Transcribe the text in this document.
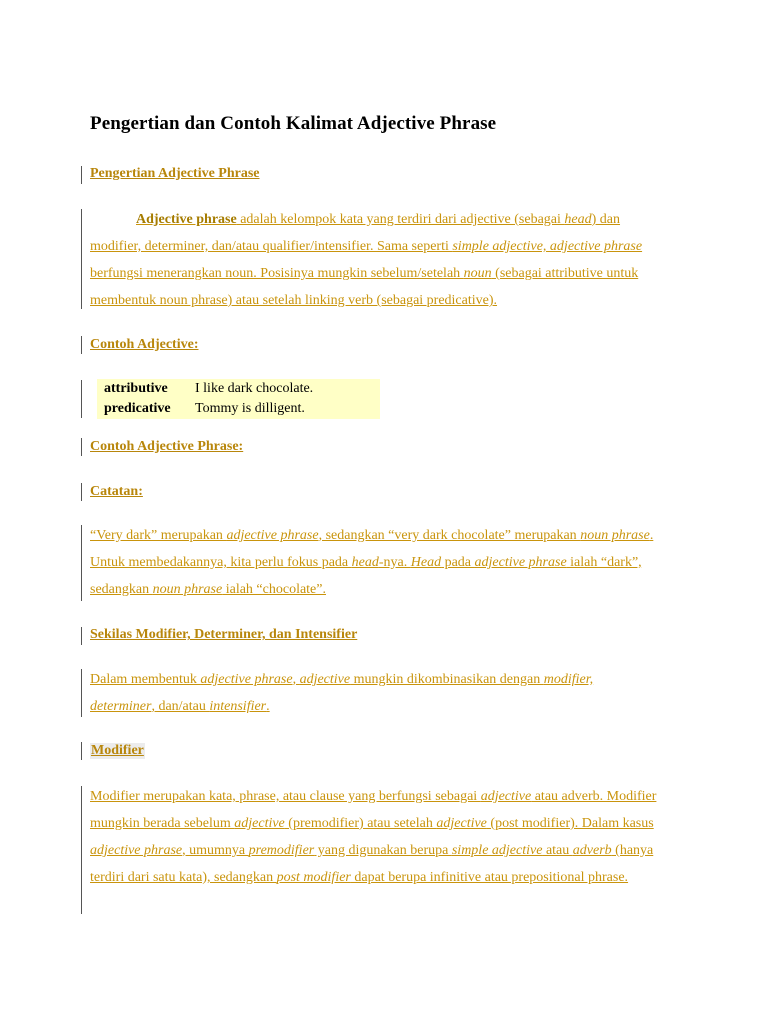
Pengertian dan Contoh Kalimat Adjective Phrase
Pengertian Adjective Phrase
Adjective phrase adalah kelompok kata yang terdiri dari adjective (sebagai head) dan modifier, determiner, dan/atau qualifier/intensifier. Sama seperti simple adjective, adjective phrase berfungsi menerangkan noun. Posisinya mungkin sebelum/setelah noun (sebagai attributive untuk membentuk noun phrase) atau setelah linking verb (sebagai predicative).
Contoh Adjective:
attributive	I like dark chocolate.
predicative	Tommy is dilligent.
Contoh Adjective Phrase:
Catatan:
“Very dark” merupakan adjective phrase, sedangkan “very dark chocolate” merupakan noun phrase. Untuk membedakannya, kita perlu fokus pada head-nya. Head pada adjective phrase ialah “dark”, sedangkan noun phrase ialah “chocolate”.
Sekilas Modifier, Determiner, dan Intensifier
Dalam membentuk adjective phrase, adjective mungkin dikombinasikan dengan modifier, determiner, dan/atau intensifier.
Modifier
Modifier merupakan kata, phrase, atau clause yang berfungsi sebagai adjective atau adverb. Modifier mungkin berada sebelum adjective (premodifier) atau setelah adjective (post modifier). Dalam kasus adjective phrase, umumnya premodifier yang digunakan berupa simple adjective atau adverb (hanya terdiri dari satu kata), sedangkan post modifier dapat berupa infinitive atau prepositional phrase.
